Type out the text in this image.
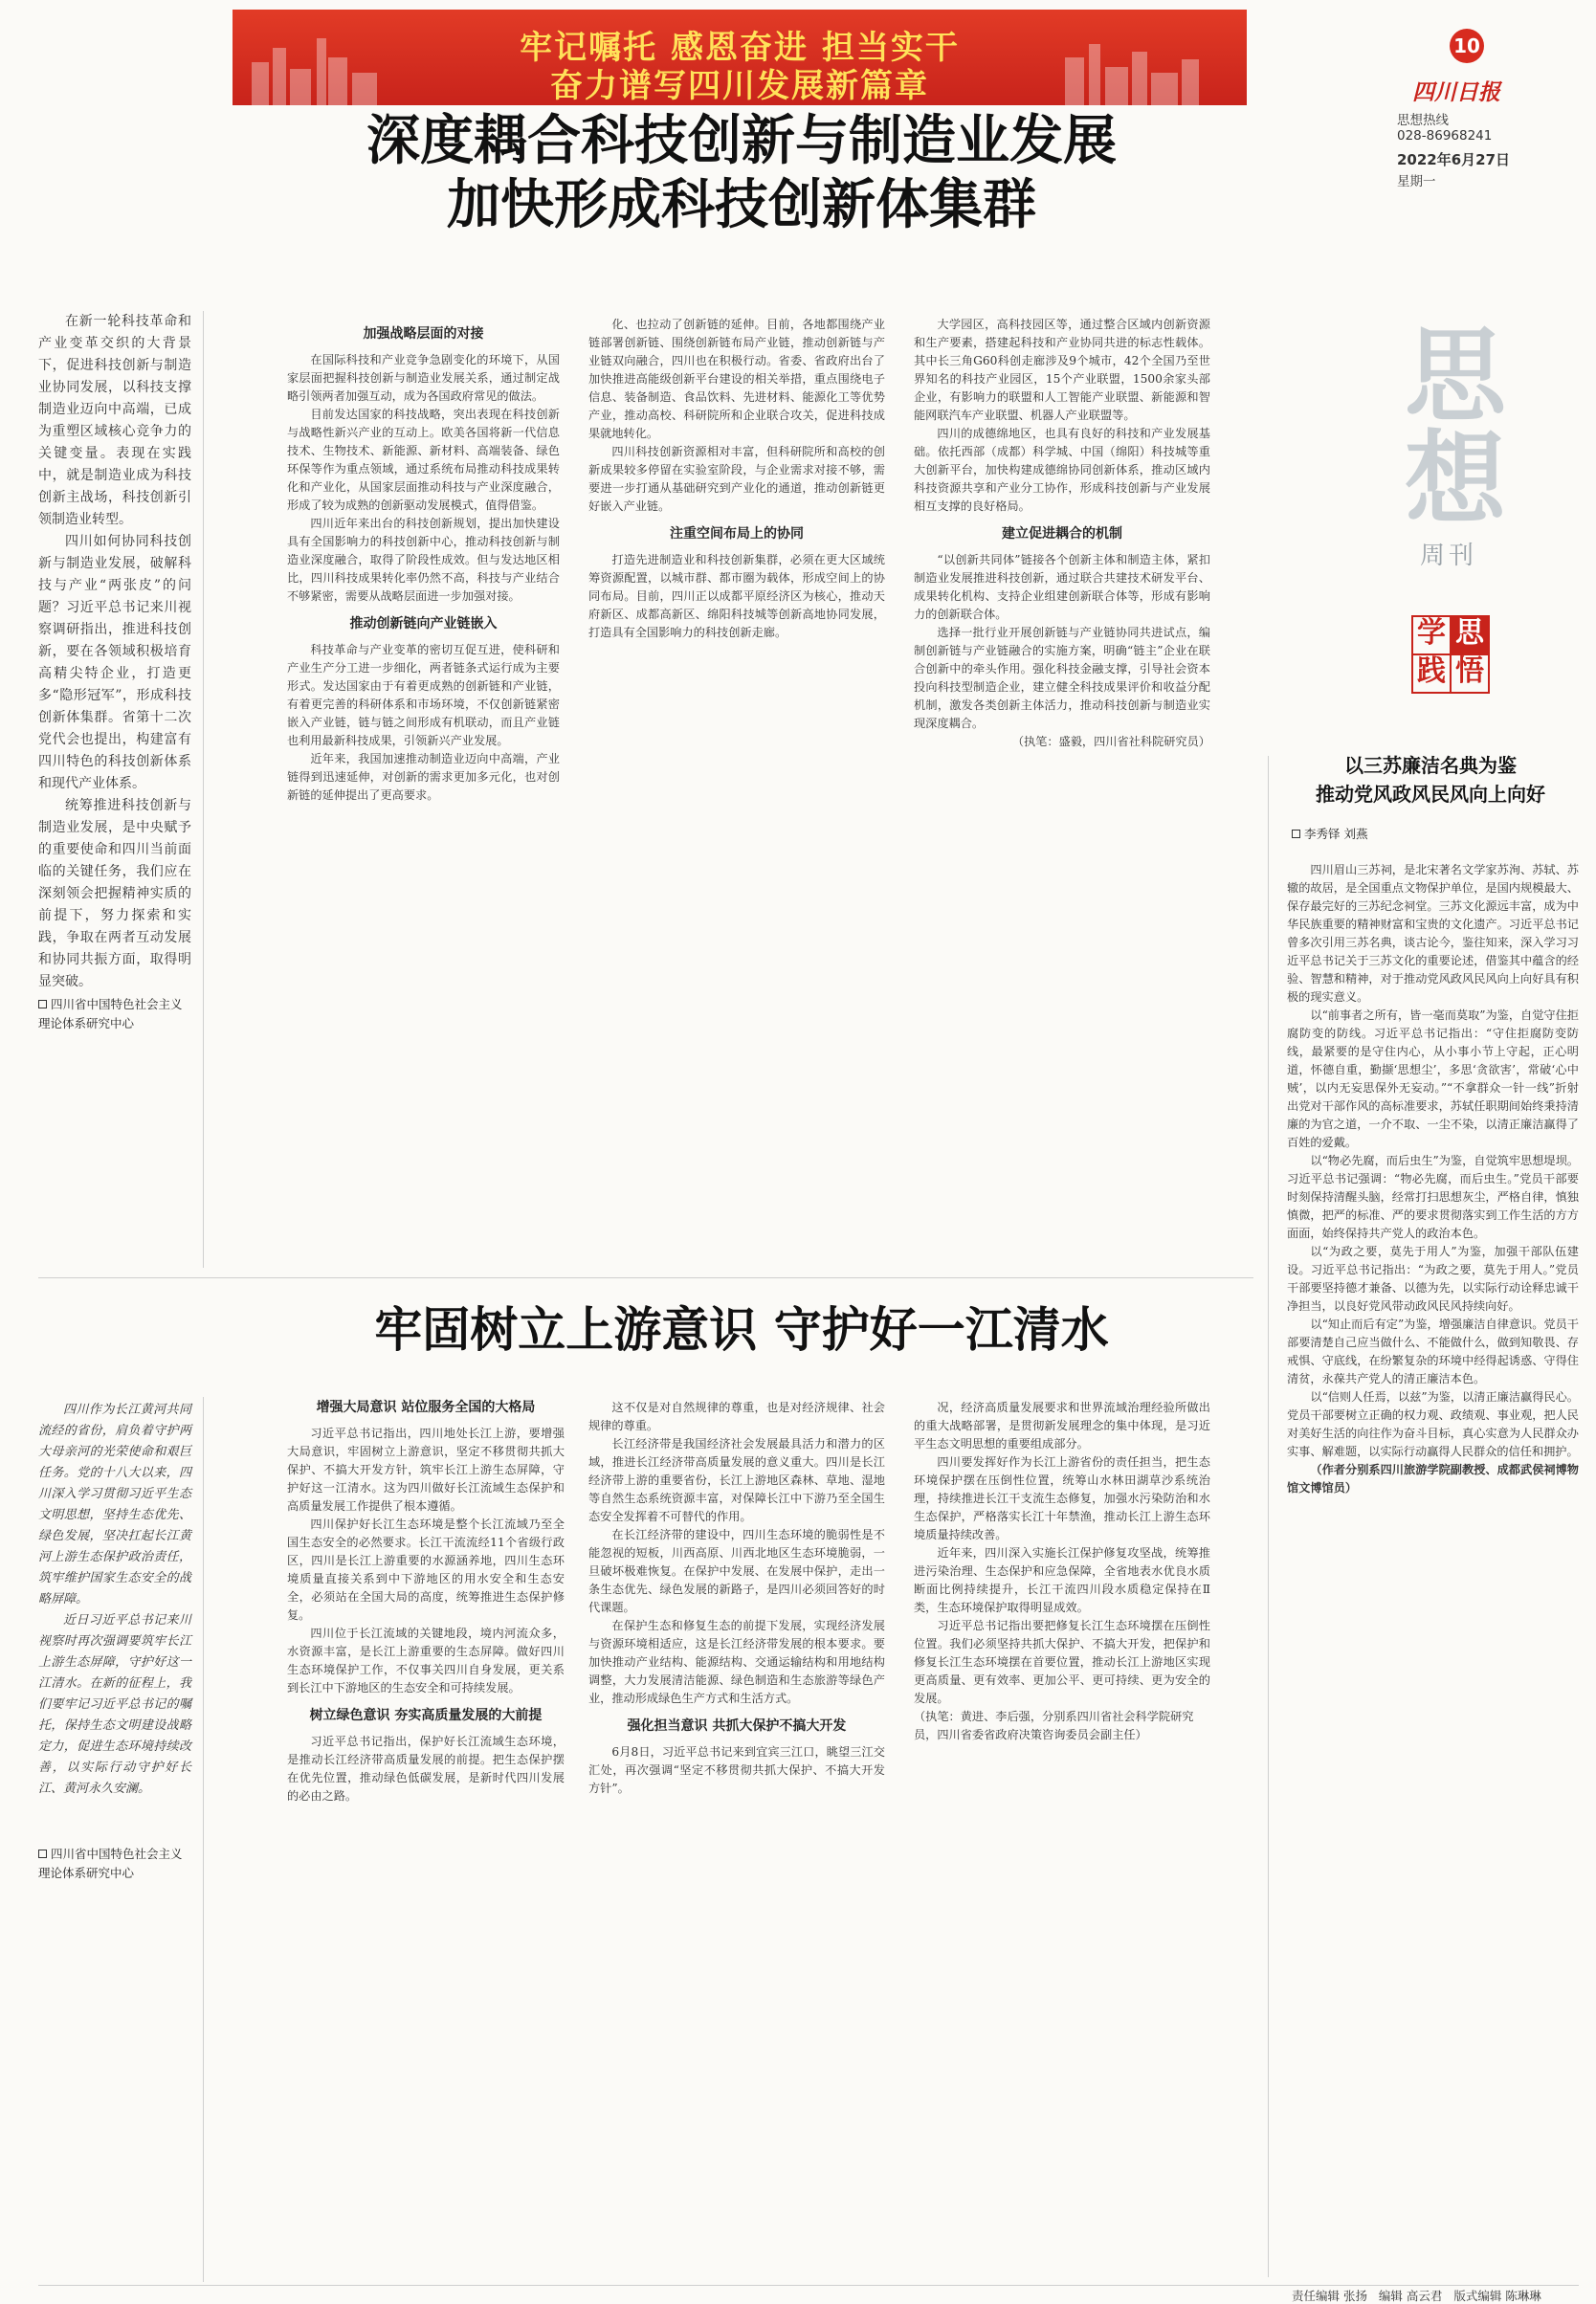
牢记嘱托 感恩奋进 担当实干
奋力谱写四川发展新篇章
10
四川日报
思想热线
028-86968241
2022年6月27日
星期一
思
想
周刊
学 思
践 悟
深度耦合科技创新与制造业发展
加快形成科技创新体集群

在新一轮科技革命和产业变革交织的大背景下，促进科技创新与制造业协同发展，以科技支撑制造业迈向中高端，已成为重塑区域核心竞争力的关键变量。表现在实践中，就是制造业成为科技创新主战场，科技创新引领制造业转型。

四川如何协同科技创新与制造业发展，破解科技与产业“两张皮”的问题？习近平总书记来川视察调研指出，推进科技创新，要在各领域积极培育高精尖特企业，打造更多“隐形冠军”，形成科技创新体集群。省第十二次党代会也提出，构建富有四川特色的科技创新体系和现代产业体系。

统筹推进科技创新与制造业发展，是中央赋予的重要使命和四川当前面临的关键任务，我们应在深刻领会把握精神实质的前提下，努力探索和实践，争取在两者互动发展和协同共振方面，取得明显突破。

四川省中国特色社会主义理论体系研究中心
加强战略层面的对接

在国际科技和产业竞争急剧变化的环境下，从国家层面把握科技创新与制造业发展关系，通过制定战略引领两者加强互动，成为各国政府常见的做法。

目前发达国家的科技战略，突出表现在科技创新与战略性新兴产业的互动上。欧美各国将新一代信息技术、生物技术、新能源、新材料、高端装备、绿色环保等作为重点领域，通过系统布局推动科技成果转化和产业化，从国家层面推动科技与产业深度融合，形成了较为成熟的创新驱动发展模式，值得借鉴。

四川近年来出台的科技创新规划，提出加快建设具有全国影响力的科技创新中心，推动科技创新与制造业深度融合，取得了阶段性成效。但与发达地区相比，四川科技成果转化率仍然不高，科技与产业结合不够紧密，需要从战略层面进一步加强对接。

推动创新链向产业链嵌入

科技革命与产业变革的密切互促互进，使科研和产业生产分工进一步细化，两者链条式运行成为主要形式。发达国家由于有着更成熟的创新链和产业链，有着更完善的科研体系和市场环境，不仅创新链紧密嵌入产业链，链与链之间形成有机联动，而且产业链也利用最新科技成果，引领新兴产业发展。

近年来，我国加速推动制造业迈向中高端，产业链得到迅速延伸，对创新的需求更加多元化，也对创新链的延伸提出了更高要求。

化、也拉动了创新链的延伸。目前，各地都围绕产业链部署创新链、围绕创新链布局产业链，推动创新链与产业链双向融合，四川也在积极行动。省委、省政府出台了加快推进高能级创新平台建设的相关举措，重点围绕电子信息、装备制造、食品饮料、先进材料、能源化工等优势产业，推动高校、科研院所和企业联合攻关，促进科技成果就地转化。

四川科技创新资源相对丰富，但科研院所和高校的创新成果较多停留在实验室阶段，与企业需求对接不够，需要进一步打通从基础研究到产业化的通道，推动创新链更好嵌入产业链。

注重空间布局上的协同

打造先进制造业和科技创新集群，必须在更大区域统筹资源配置，以城市群、都市圈为载体，形成空间上的协同布局。目前，四川正以成都平原经济区为核心，推动天府新区、成都高新区、绵阳科技城等创新高地协同发展，打造具有全国影响力的科技创新走廊。

大学园区，高科技园区等，通过整合区域内创新资源和生产要素，搭建起科技和产业协同共进的标志性载体。其中长三角G60科创走廊涉及9个城市，42个全国乃至世界知名的科技产业园区，15个产业联盟，1500余家头部企业，有影响力的联盟和人工智能产业联盟、新能源和智能网联汽车产业联盟、机器人产业联盟等。

四川的成德绵地区，也具有良好的科技和产业发展基础。依托西部（成都）科学城、中国（绵阳）科技城等重大创新平台，加快构建成德绵协同创新体系，推动区域内科技资源共享和产业分工协作，形成科技创新与产业发展相互支撑的良好格局。

建立促进耦合的机制

“以创新共同体”链接各个创新主体和制造主体，紧扣制造业发展推进科技创新，通过联合共建技术研发平台、成果转化机构、支持企业组建创新联合体等，形成有影响力的创新联合体。

选择一批行业开展创新链与产业链协同共进试点，编制创新链与产业链融合的实施方案，明确“链主”企业在联合创新中的牵头作用。强化科技金融支撑，引导社会资本投向科技型制造企业，建立健全科技成果评价和收益分配机制，激发各类创新主体活力，推动科技创新与制造业实现深度耦合。

（执笔：盛毅，四川省社科院研究员）

牢固树立上游意识 守护好一江清水

四川作为长江黄河共同流经的省份，肩负着守护两大母亲河的光荣使命和艰巨任务。党的十八大以来，四川深入学习贯彻习近平生态文明思想，坚持生态优先、绿色发展，坚决扛起长江黄河上游生态保护政治责任，筑牢维护国家生态安全的战略屏障。

近日习近平总书记来川视察时再次强调要筑牢长江上游生态屏障，守护好这一江清水。在新的征程上，我们要牢记习近平总书记的嘱托，保持生态文明建设战略定力，促进生态环境持续改善，以实际行动守护好长江、黄河永久安澜。

四川省中国特色社会主义理论体系研究中心
增强大局意识 站位服务全国的大格局

习近平总书记指出，四川地处长江上游，要增强大局意识，牢固树立上游意识，坚定不移贯彻共抓大保护、不搞大开发方针，筑牢长江上游生态屏障，守护好这一江清水。这为四川做好长江流域生态保护和高质量发展工作提供了根本遵循。

四川保护好长江生态环境是整个长江流域乃至全国生态安全的必然要求。长江干流流经11个省级行政区，四川是长江上游重要的水源涵养地，四川生态环境质量直接关系到中下游地区的用水安全和生态安全，必须站在全国大局的高度，统筹推进生态保护修复。

四川位于长江流域的关键地段，境内河流众多，水资源丰富，是长江上游重要的生态屏障。做好四川生态环境保护工作，不仅事关四川自身发展，更关系到长江中下游地区的生态安全和可持续发展。

树立绿色意识 夯实高质量发展的大前提

习近平总书记指出，保护好长江流域生态环境，是推动长江经济带高质量发展的前提。把生态保护摆在优先位置，推动绿色低碳发展，是新时代四川发展的必由之路。

这不仅是对自然规律的尊重，也是对经济规律、社会规律的尊重。

长江经济带是我国经济社会发展最具活力和潜力的区域，推进长江经济带高质量发展的意义重大。四川是长江经济带上游的重要省份，长江上游地区森林、草地、湿地等自然生态系统资源丰富，对保障长江中下游乃至全国生态安全发挥着不可替代的作用。

在长江经济带的建设中，四川生态环境的脆弱性是不能忽视的短板，川西高原、川西北地区生态环境脆弱，一旦破坏极难恢复。在保护中发展、在发展中保护，走出一条生态优先、绿色发展的新路子，是四川必须回答好的时代课题。

在保护生态和修复生态的前提下发展，实现经济发展与资源环境相适应，这是长江经济带发展的根本要求。要加快推动产业结构、能源结构、交通运输结构和用地结构调整，大力发展清洁能源、绿色制造和生态旅游等绿色产业，推动形成绿色生产方式和生活方式。

强化担当意识 共抓大保护不搞大开发

6月8日，习近平总书记来到宜宾三江口，眺望三江交汇处，再次强调“坚定不移贯彻共抓大保护、不搞大开发方针”。

况，经济高质量发展要求和世界流域治理经验所做出的重大战略部署，是贯彻新发展理念的集中体现，是习近平生态文明思想的重要组成部分。

四川要发挥好作为长江上游省份的责任担当，把生态环境保护摆在压倒性位置，统筹山水林田湖草沙系统治理，持续推进长江干支流生态修复，加强水污染防治和水生态保护，严格落实长江十年禁渔，推动长江上游生态环境质量持续改善。

近年来，四川深入实施长江保护修复攻坚战，统筹推进污染治理、生态保护和应急保障，全省地表水优良水质断面比例持续提升，长江干流四川段水质稳定保持在Ⅱ类，生态环境保护取得明显成效。

习近平总书记指出要把修复长江生态环境摆在压倒性位置。我们必须坚持共抓大保护、不搞大开发，把保护和修复长江生态环境摆在首要位置，推动长江上游地区实现更高质量、更有效率、更加公平、更可持续、更为安全的发展。

（执笔：黄进、李后强，分别系四川省社会科学院研究员，四川省委省政府决策咨询委员会副主任）

以三苏廉洁名典为鉴
推动党风政风民风向上向好
李秀铎 刘燕

四川眉山三苏祠，是北宋著名文学家苏洵、苏轼、苏辙的故居，是全国重点文物保护单位，是国内规模最大、保存最完好的三苏纪念祠堂。三苏文化源远丰富，成为中华民族重要的精神财富和宝贵的文化遗产。习近平总书记曾多次引用三苏名典，谈古论今，鉴往知来，深入学习习近平总书记关于三苏文化的重要论述，借鉴其中蕴含的经验、智慧和精神，对于推动党风政风民风向上向好具有积极的现实意义。

以“前事者之所有，皆一毫而莫取”为鉴，自觉守住拒腐防变的防线。习近平总书记指出：“守住拒腐防变防线，最紧要的是守住内心，从小事小节上守起，正心明道，怀德自重，勤撷‘思想尘’，多思‘贪欲害’，常破‘心中贼’，以内无妄思保外无妄动。”“不拿群众一针一线”折射出党对干部作风的高标准要求，苏轼任职期间始终秉持清廉的为官之道，一介不取、一尘不染，以清正廉洁赢得了百姓的爱戴。

以“物必先腐，而后虫生”为鉴，自觉筑牢思想堤坝。习近平总书记强调：“物必先腐，而后虫生。”党员干部要时刻保持清醒头脑，经常打扫思想灰尘，严格自律，慎独慎微，把严的标准、严的要求贯彻落实到工作生活的方方面面，始终保持共产党人的政治本色。

以“为政之要，莫先于用人”为鉴，加强干部队伍建设。习近平总书记指出：“为政之要，莫先于用人。”党员干部要坚持德才兼备、以德为先，以实际行动诠释忠诚干净担当，以良好党风带动政风民风持续向好。

以“知止而后有定”为鉴，增强廉洁自律意识。党员干部要清楚自己应当做什么、不能做什么，做到知敬畏、存戒惧、守底线，在纷繁复杂的环境中经得起诱惑、守得住清贫，永葆共产党人的清正廉洁本色。

以“信则人任焉，以兹”为鉴，以清正廉洁赢得民心。党员干部要树立正确的权力观、政绩观、事业观，把人民对美好生活的向往作为奋斗目标，真心实意为人民群众办实事、解难题，以实际行动赢得人民群众的信任和拥护。

（作者分别系四川旅游学院副教授、成都武侯祠博物馆文博馆员）

责任编辑 张扬 编辑 高云君 版式编辑 陈琳琳
